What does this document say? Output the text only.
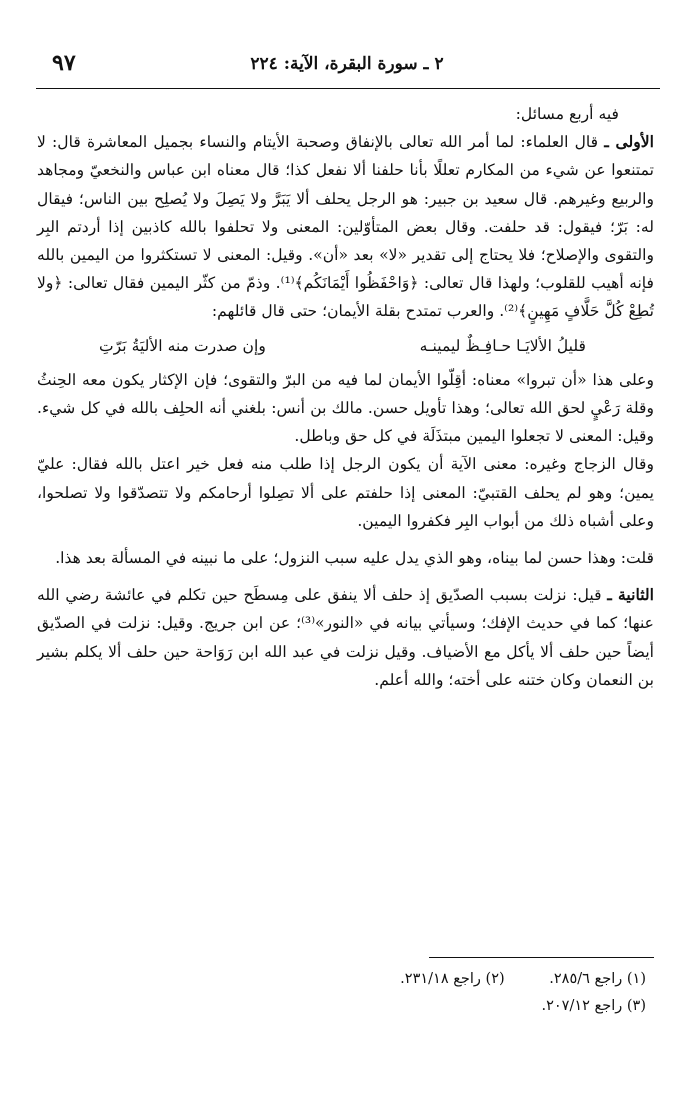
٢ ـ سورة البقرة، الآية: ٢٢٤
٩٧

فيه أربع مسائل:

الأولى ـ قال العلماء: لما أمر الله تعالى بالإنفاق وصحبة الأيتام والنساء بجميل المعاشرة قال: لا تمتنعوا عن شيء من المكارم تعللًا بأنا حلفنا ألا نفعل كذا؛ قال معناه ابن عباس والنخعيّ ومجاهد والربيع وغيرهم. قال سعيد بن جبير: هو الرجل يحلف ألا يَبَرَّ ولا يَصِلَ ولا يُصلِح بين الناس؛ فيقال له: بَرّ؛ فيقول: قد حلفت. وقال بعض المتأوّلين: المعنى ولا تحلفوا بالله كاذبين إذا أردتم البِر والتقوى والإصلاح؛ فلا يحتاج إلى تقدير «لا» بعد «أن». وقيل: المعنى لا تستكثروا من اليمين بالله فإنه أهيب للقلوب؛ ولهذا قال تعالى: ﴿وَاحْفَظُوا أَيْمَانَكُم﴾⁽¹⁾. وذمّ من كثّر اليمين فقال تعالى: ﴿ولا تُطِعْ كُلَّ حَلَّافٍ مَهِينٍ﴾⁽²⁾. والعرب تمتدح بقلة الأيمان؛ حتى قال قائلهم:

قليلُ الألايَـا حـافِـظٌ ليمينـه
وإن صدرت منه الأليَةُ بَرّتِ

وعلى هذا «أن تبروا» معناه: أقِلّوا الأيمان لما فيه من البرّ والتقوى؛ فإن الإكثار يكون معه الحِنثُ وقلة رَعْيٍ لحق الله تعالى؛ وهذا تأويل حسن. مالك بن أنس: بلغني أنه الحلِف بالله في كل شيء. وقيل: المعنى لا تجعلوا اليمين مبتذَلَة في كل حق وباطل.

وقال الزجاج وغيره: معنى الآية أن يكون الرجل إذا طلب منه فعل خير اعتل بالله فقال: عليّ يمين؛ وهو لم يحلف القتبيّ: المعنى إذا حلفتم على ألا تصِلوا أرحامكم ولا تتصدّقوا ولا تصلحوا، وعلى أشباه ذلك من أبواب البِر فكفروا اليمين.

قلت: وهذا حسن لما بيناه، وهو الذي يدل عليه سبب النزول؛ على ما نبينه في المسألة بعد هذا.

الثانية ـ قيل: نزلت بسبب الصدّيق إذ حلف ألا ينفق على مِسطَح حين تكلم في عائشة رضي الله عنها؛ كما في حديث الإفك؛ وسيأتي بيانه في «النور»⁽³⁾؛ عن ابن جريج. وقيل: نزلت في الصدّيق أيضاً حين حلف ألا يأكل مع الأضياف. وقيل نزلت في عبد الله ابن رَوَاحة حين حلف ألا يكلم بشير بن النعمان وكان ختنه على أخته؛ والله أعلم.

(١) راجع ٢٨٥/٦. (٢) راجع ٢٣١/١٨.
(٣) راجع ٢٠٧/١٢.
